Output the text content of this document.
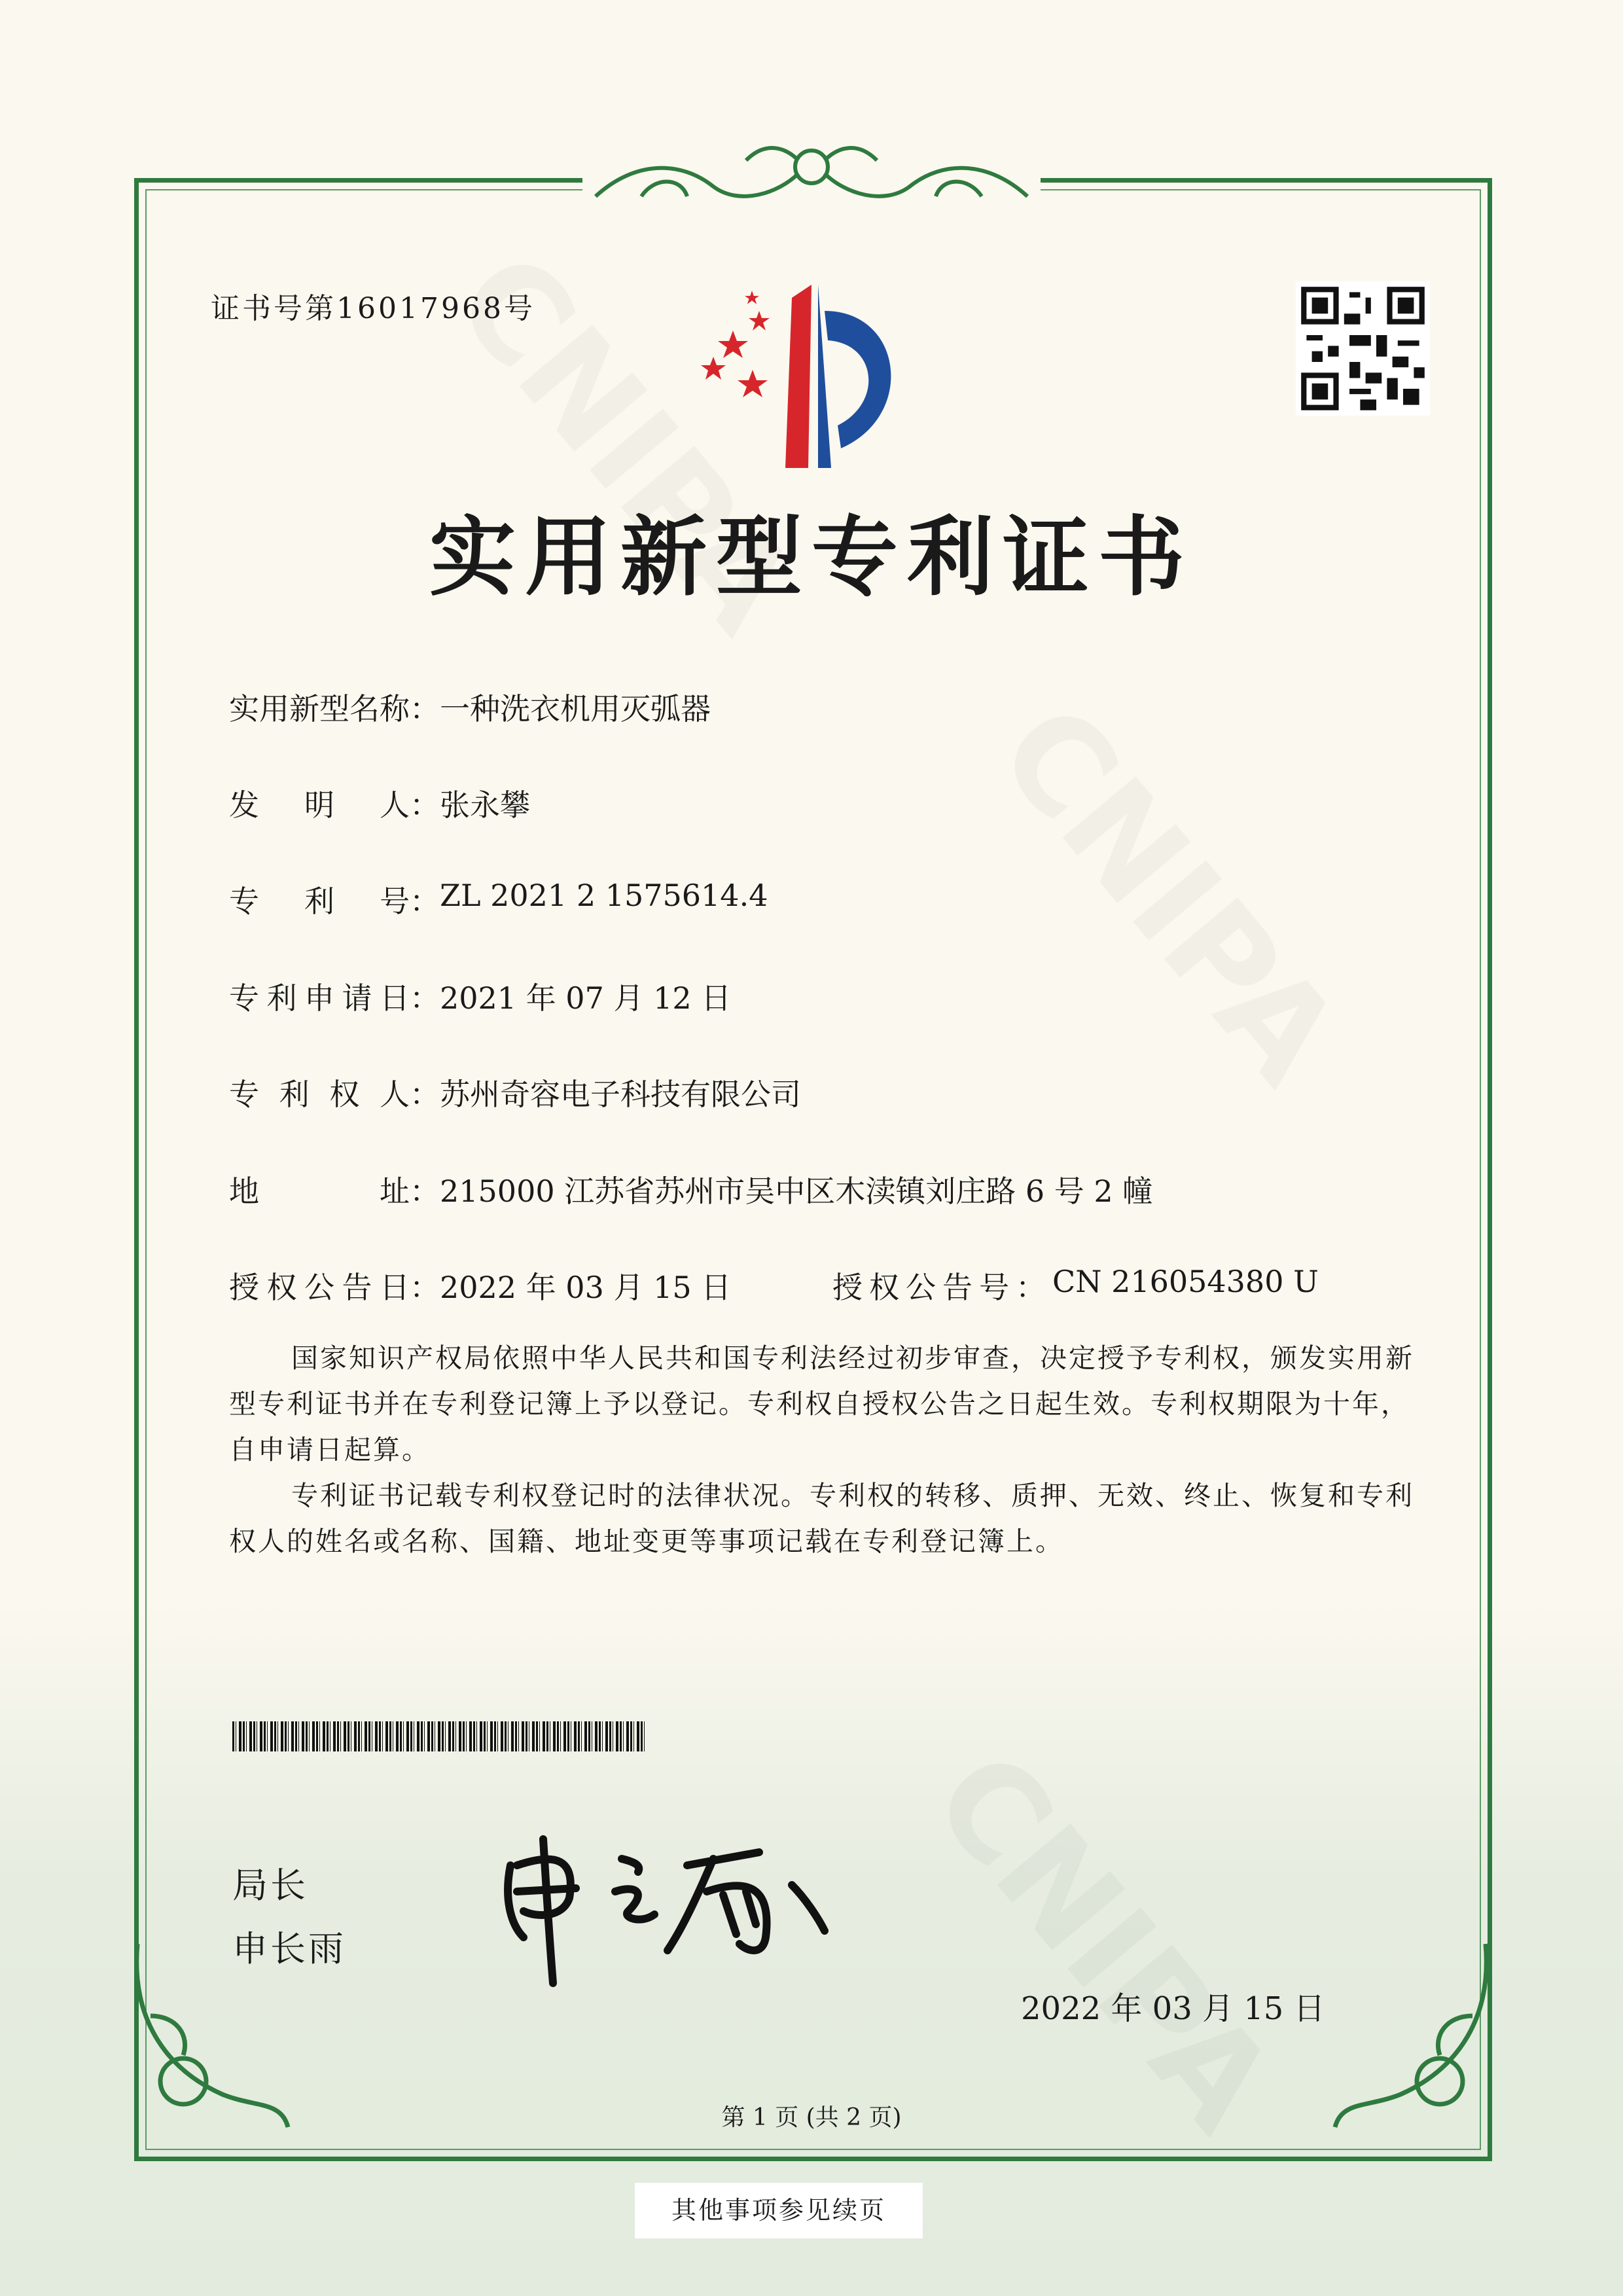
证书号第16017968号
实用新型专利证书
实 用 新 型 名 称： 一种洗衣机用灭弧器
发 明 人： 张永攀
专 利 号： ZL 2021 2 1575614.4
专 利 申 请 日： 2021 年 07 月 12 日
专 利 权 人： 苏州奇容电子科技有限公司
地	址： 215000 江苏省苏州市吴中区木渎镇刘庄路 6 号 2 幢
授 权 公 告 日： 2022 年 03 月 15 日	授权公告号： CN 216054380 U
国家知识产权局依照中华人民共和国专利法经过初步审查，决定授予专利权，颁发实用新型专利证书并在专利登记簿上予以登记。专利权自授权公告之日起生效。专利权期限为十年，自申请日起算。
专利证书记载专利权登记时的法律状况。专利权的转移、质押、无效、终止、恢复和专利权人的姓名或名称、国籍、地址变更等事项记载在专利登记簿上。
局长
申长雨
2022 年 03 月 15 日
第 1 页 (共 2 页)
其他事项参见续页
